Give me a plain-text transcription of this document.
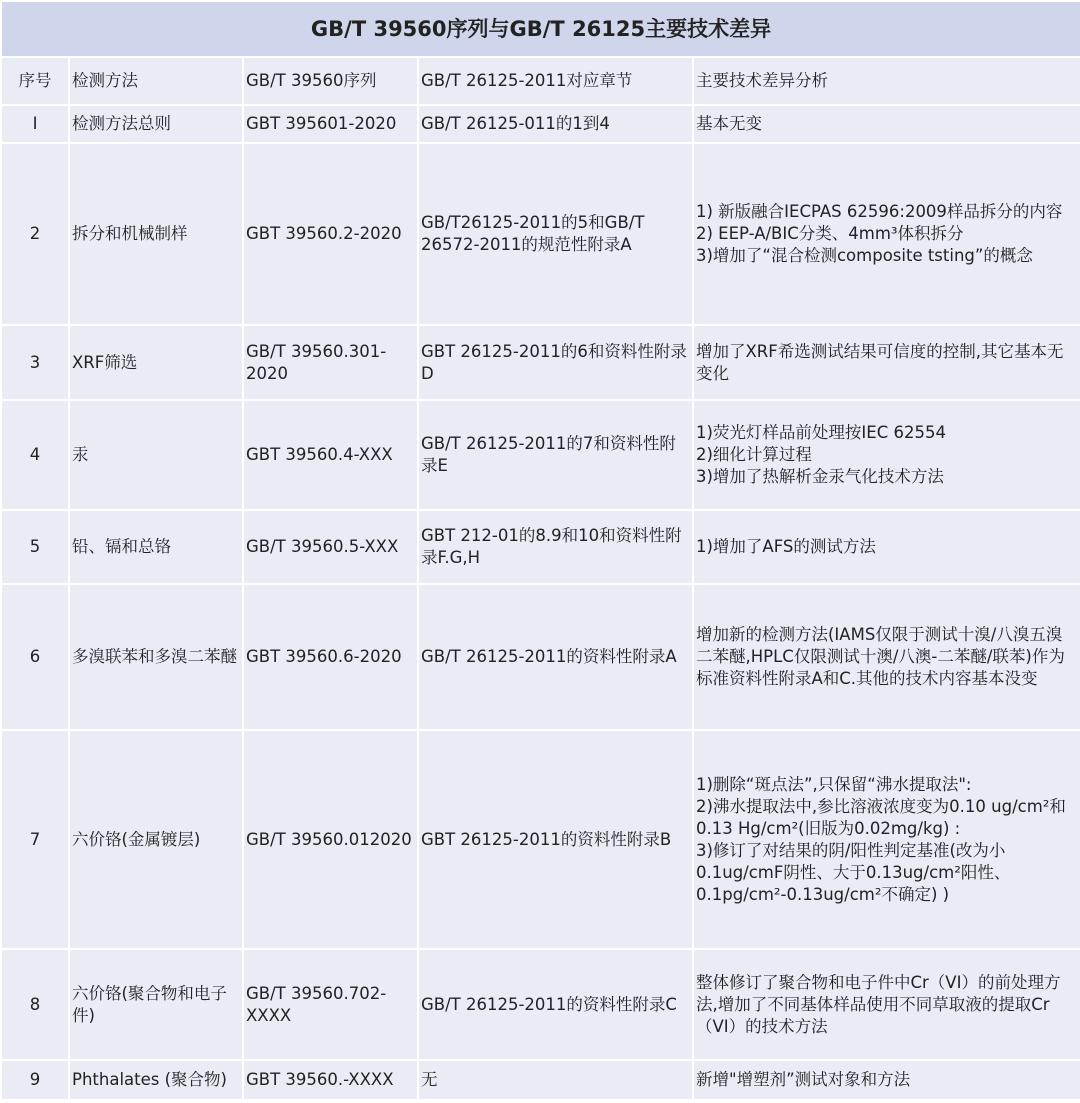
GB/T 39560序列与GB/T 26125主要技术差异				
序号	检测方法	GB/T 39560序列	GB/T 26125-2011对应章节	主要技术差异分析
I	检测方法总则	GBT 395601-2020	GB/T 26125-011的1到4	基本无变
2	拆分和机械制样	GBT 39560.2-2020	GB/T26125-2011的5和GB/T 26572-2011的规范性附录A	1) 新版融合IECPAS 62596:2009样品拆分的内容
2) EEP-A/BIC分类、4mm³体积拆分
3)增加了“混合检测composite tsting”的概念
3	XRF筛选	GB/T 39560.301-2020	GBT 26125-2011的6和资料性附录D	增加了XRF希选测试结果可信度的控制,其它基本无变化
4	汞	GBT 39560.4-XXX	GB/T 26125-2011的7和资料性附录E	1)荧光灯样品前处理按IEC 62554
2)细化计算过程
3)增加了热解析金汞气化技术方法
5	铅、镉和总铬	GB/T 39560.5-XXX	GBT 212-01的8.9和10和资料性附录F.G,H	1)增加了AFS的测试方法
6	多溴联苯和多溴二苯醚	GBT 39560.6-2020	GB/T 26125-2011的资料性附录A	增加新的检测方法(IAMS仅限于测试十溴/八溴五溴二苯醚,HPLC仅限测试十澳/八澳-二苯醚/联苯)作为标准资料性附录A和C.其他的技术内容基本没变
7	六价铬(金属镀层)	GB/T 39560.012020	GBT 26125-2011的资料性附录B	1)删除“斑点法”,只保留“沸水提取法":
2)沸水提取法中,参比溶液浓度变为0.10 ug/cm²和0.13 Hg/cm²(旧版为0.02mg/kg) :
3)修订了对结果的阴/阳性判定基准(改为小0.1ug/cmF阴性、大于0.13ug/cm²阳性、0.1pg/cm²-0.13ug/cm²不确定) )
8	六价铬(聚合物和电子件)	GB/T 39560.702-XXXX	GB/T 26125-2011的资料性附录C	整体修订了聚合物和电子件中Cr（VI）的前处理方法,增加了不同基体样品使用不同草取液的提取Cr（VI）的技术方法
9	Phthalates (聚合物)	GBT 39560.-XXXX	无	新增"增塑剂”测试对象和方法
